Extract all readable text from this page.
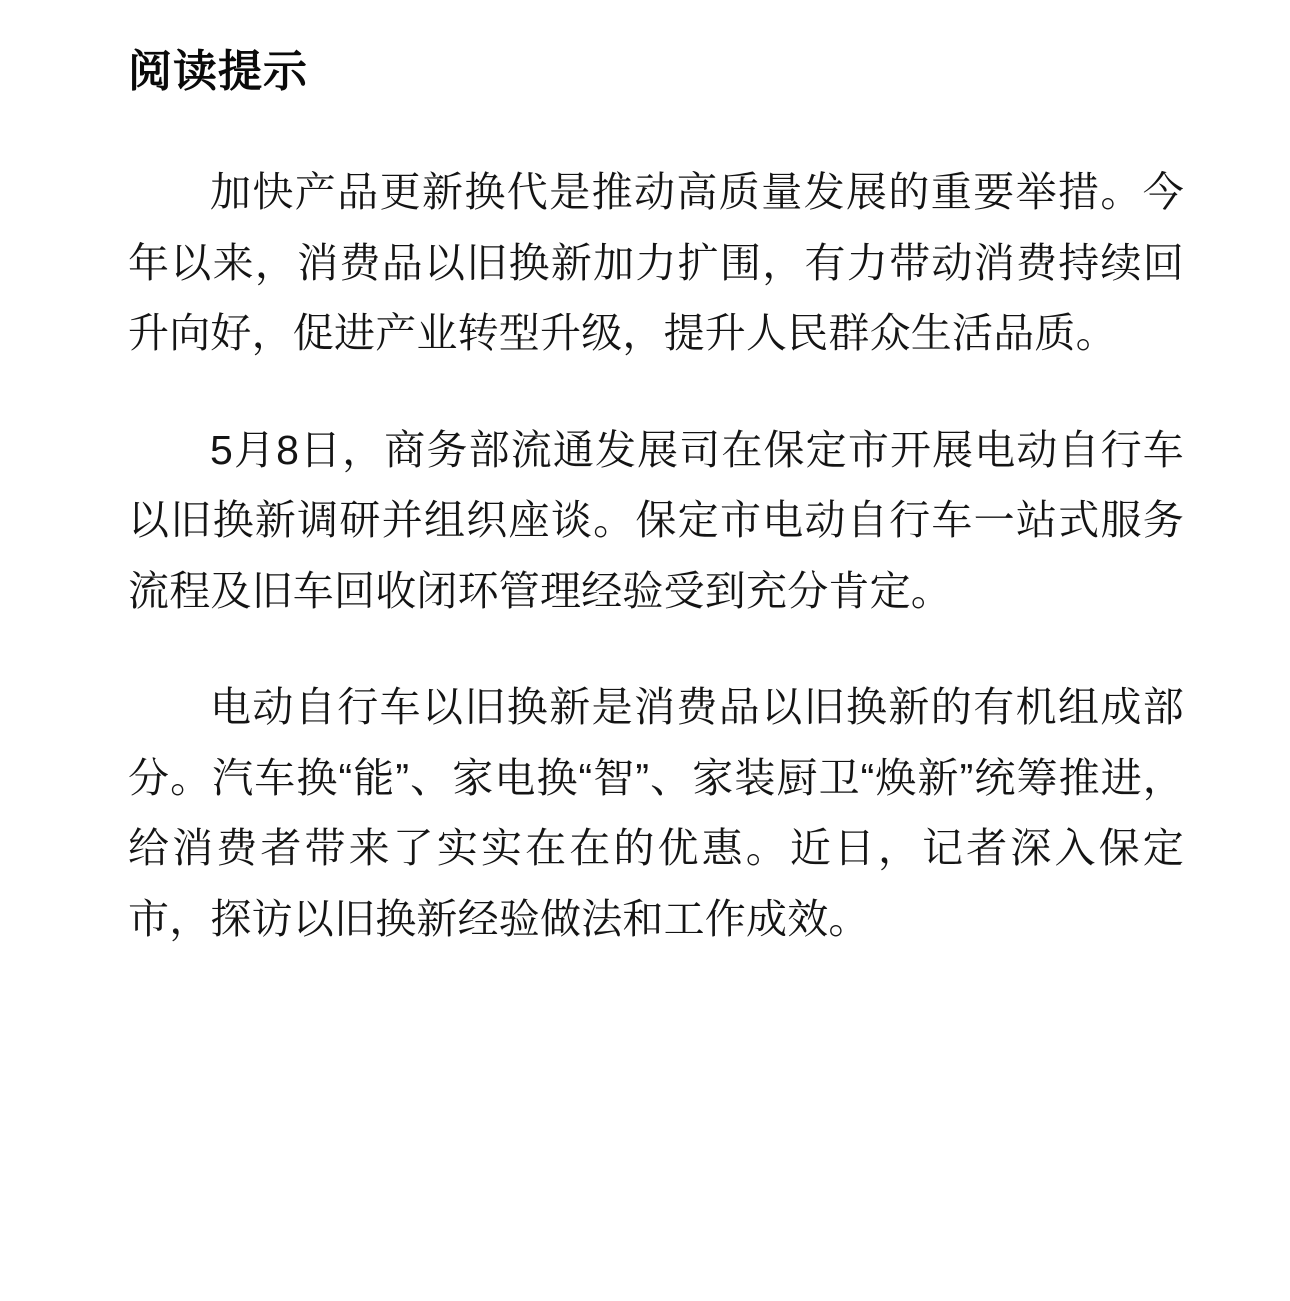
阅读提示

加快产品更新换代是推动高质量发展的重要举措。今年以来，消费品以旧换新加力扩围，有力带动消费持续回升向好，促进产业转型升级，提升人民群众生活品质。

5月8日，商务部流通发展司在保定市开展电动自行车以旧换新调研并组织座谈。保定市电动自行车一站式服务流程及旧车回收闭环管理经验受到充分肯定。

电动自行车以旧换新是消费品以旧换新的有机组成部分。汽车换“能”、家电换“智”、家装厨卫“焕新”统筹推进，给消费者带来了实实在在的优惠。近日，记者深入保定市，探访以旧换新经验做法和工作成效。
